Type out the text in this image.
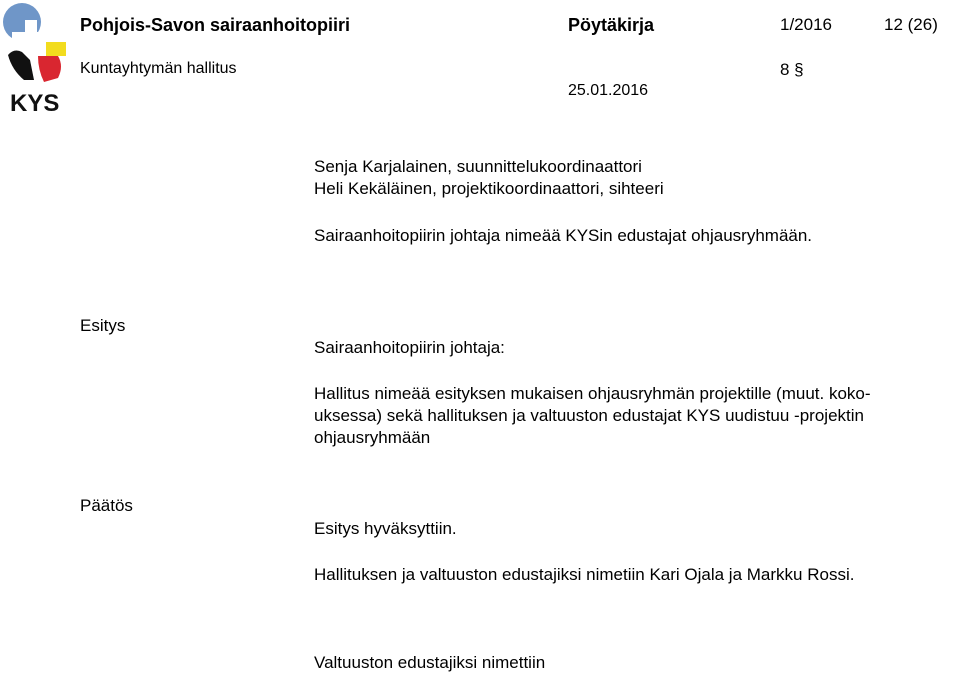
KYS
Pohjois-Savon sairaanhoitopiiri	Pöytäkirja	1/2016	12 (26)
Kuntayhtymän hallitus	8 §
25.01.2016
Senja Karjalainen, suunnittelukoordinaattori
Heli Kekäläinen, projektikoordinaattori, sihteeri
Sairaanhoitopiirin johtaja nimeää KYSin edustajat ohjausryhmään.
Esitys
Sairaanhoitopiirin johtaja:
Hallitus nimeää esityksen mukaisen ohjausryhmän projektille (muut. koko-
uksessa) sekä hallituksen ja valtuuston edustajat KYS uudistuu -projektin
ohjausryhmään
Päätös
Esitys hyväksyttiin.
Hallituksen ja valtuuston edustajiksi nimetiin Kari Ojala ja Markku Rossi.
Valtuuston edustajiksi nimettiin
